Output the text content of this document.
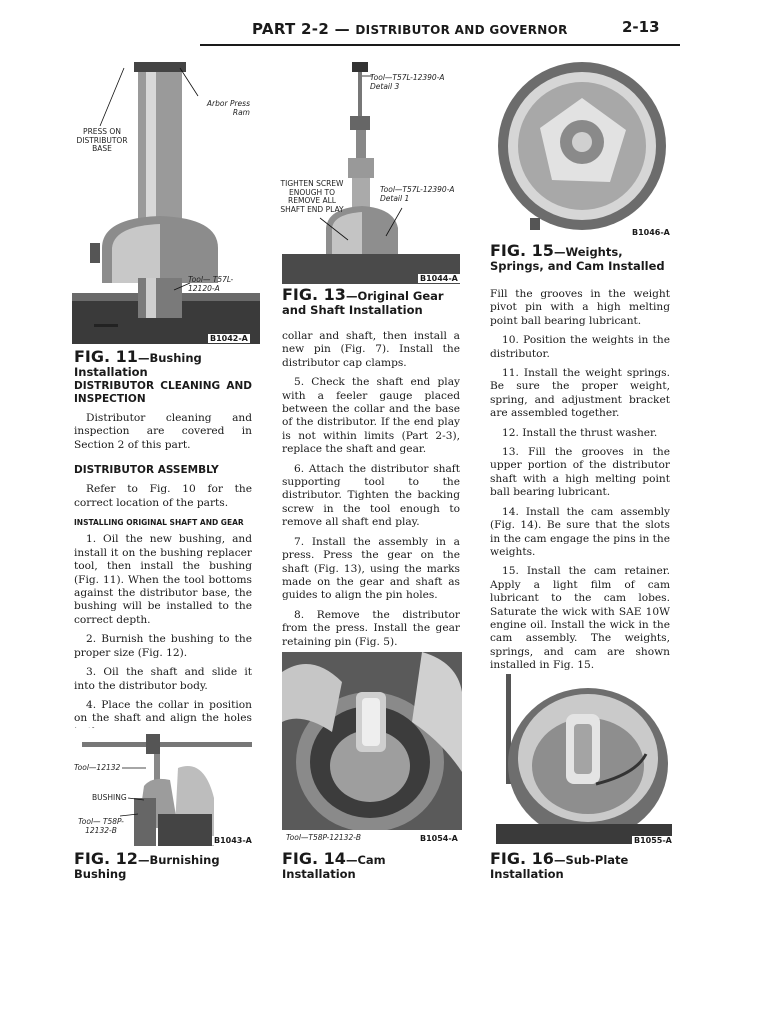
PART 2-2 — DISTRIBUTOR AND GOVERNOR	2-13
Arbor Press Ram
PRESS ON DISTRIBUTOR BASE
Tool— T57L-12120-A
B1042-A
FIG. 11—Bushing Installation
DISTRIBUTOR CLEANING AND INSPECTION

Distributor cleaning and inspection are covered in Section 2 of this part.

DISTRIBUTOR ASSEMBLY

Refer to Fig. 10 for the correct location of the parts.

INSTALLING ORIGINAL SHAFT AND GEAR

1. Oil the new bushing, and install it on the bushing replacer tool, then install the bushing (Fig. 11). When the tool bottoms against the distributor base, the bushing will be installed to the correct depth.

2. Burnish the bushing to the proper size (Fig. 12).

3. Oil the shaft and slide it into the distributor body.

4. Place the collar in position on the shaft and align the holes

Tool—12132
BUSHING
Tool— T58P-12132-B
B1043-A
FIG. 12—Burnishing Bushing
Tool—T57L-12390-A Detail 3
TIGHTEN SCREW ENOUGH TO REMOVE ALL SHAFT END PLAY
Tool—T57L-12390-A Detail 1
B1044-A
FIG. 13—Original Gear and Shaft Installation

collar and shaft, then install a new pin (Fig. 7). Install the distributor cap clamps.

5. Check the shaft end play with a feeler gauge placed between the collar and the base of the distributor. If the end play is not within limits (Part 2-3), replace the shaft and gear.

6. Attach the distributor shaft supporting tool to the distributor. Tighten the backing screw in the tool enough to remove all shaft end play.

7. Install the assembly in a press. Press the gear on the shaft (Fig. 13), using the marks made on the gear and shaft as guides to align the pin holes.

8. Remove the distributor from the press. Install the gear retaining pin (Fig. 5).

Tool—T58P-12132-B	B1054-A
FIG. 14—Cam Installation
B1046-A
FIG. 15—Weights, Springs, and Cam Installed

Fill the grooves in the weight pivot pin with a high melting point ball bearing lubricant.

10. Position the weights in the distributor.

11. Install the weight springs. Be sure the proper weight, spring, and adjustment bracket are assembled together.

12. Install the thrust washer.

13. Fill the grooves in the upper portion of the distributor shaft with a high melting point ball bearing lubricant.

14. Install the cam assembly (Fig. 14). Be sure that the slots in the cam engage the pins in the weights.

15. Install the cam retainer. Apply a light film of cam lubricant to the cam lobes. Saturate the wick with SAE 10W engine oil. Install the wick in the cam assembly. The weights, springs, and cam are shown installed in Fig. 15.

B1055-A
FIG. 16—Sub-Plate Installation
